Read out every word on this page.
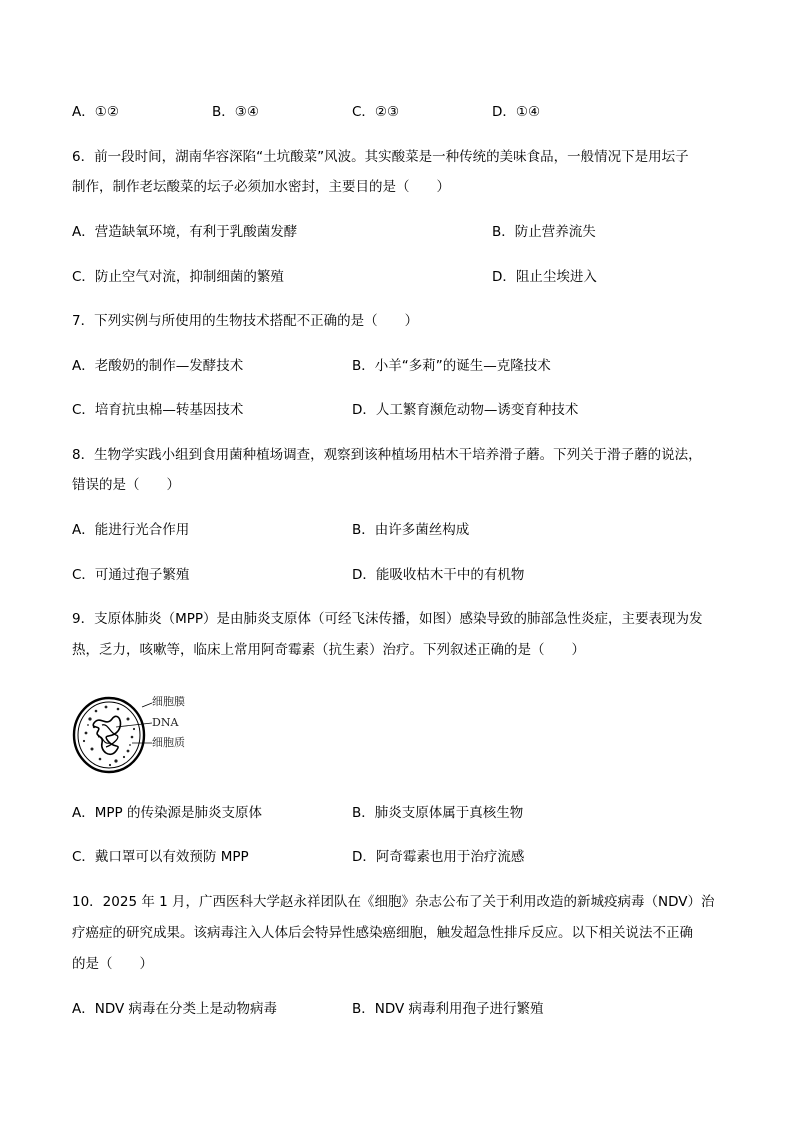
A．①②	B．③④	C．②③	D．①④
6．前一段时间，湖南华容深陷“土坑酸菜”风波。其实酸菜是一种传统的美味食品，一般情况下是用坛子
制作，制作老坛酸菜的坛子必须加水密封，主要目的是（　　）
A．营造缺氧环境，有利于乳酸菌发酵	B．防止营养流失
C．防止空气对流，抑制细菌的繁殖	D．阻止尘埃进入
7．下列实例与所使用的生物技术搭配不正确的是（　　）
A．老酸奶的制作—发酵技术	B．小羊“多莉”的诞生—克隆技术
C．培育抗虫棉—转基因技术	D．人工繁育濒危动物—诱变育种技术
8．生物学实践小组到食用菌种植场调查，观察到该种植场用枯木干培养滑子蘑。下列关于滑子蘑的说法，
错误的是（　　）
A．能进行光合作用	B．由许多菌丝构成
C．可通过孢子繁殖	D．能吸收枯木干中的有机物
9．支原体肺炎（MPP）是由肺炎支原体（可经飞沫传播，如图）感染导致的肺部急性炎症，主要表现为发
热，乏力，咳嗽等，临床上常用阿奇霉素（抗生素）治疗。下列叙述正确的是（　　）
细胞膜
DNA
细胞质
A．MPP 的传染源是肺炎支原体	B．肺炎支原体属于真核生物
C．戴口罩可以有效预防 MPP	D．阿奇霉素也用于治疗流感
10．2025 年 1 月，广西医科大学赵永祥团队在《细胞》杂志公布了关于利用改造的新城疫病毒（NDV）治
疗癌症的研究成果。该病毒注入人体后会特异性感染癌细胞，触发超急性排斥反应。以下相关说法不正确
的是（　　）
A．NDV 病毒在分类上是动物病毒	B．NDV 病毒利用孢子进行繁殖
